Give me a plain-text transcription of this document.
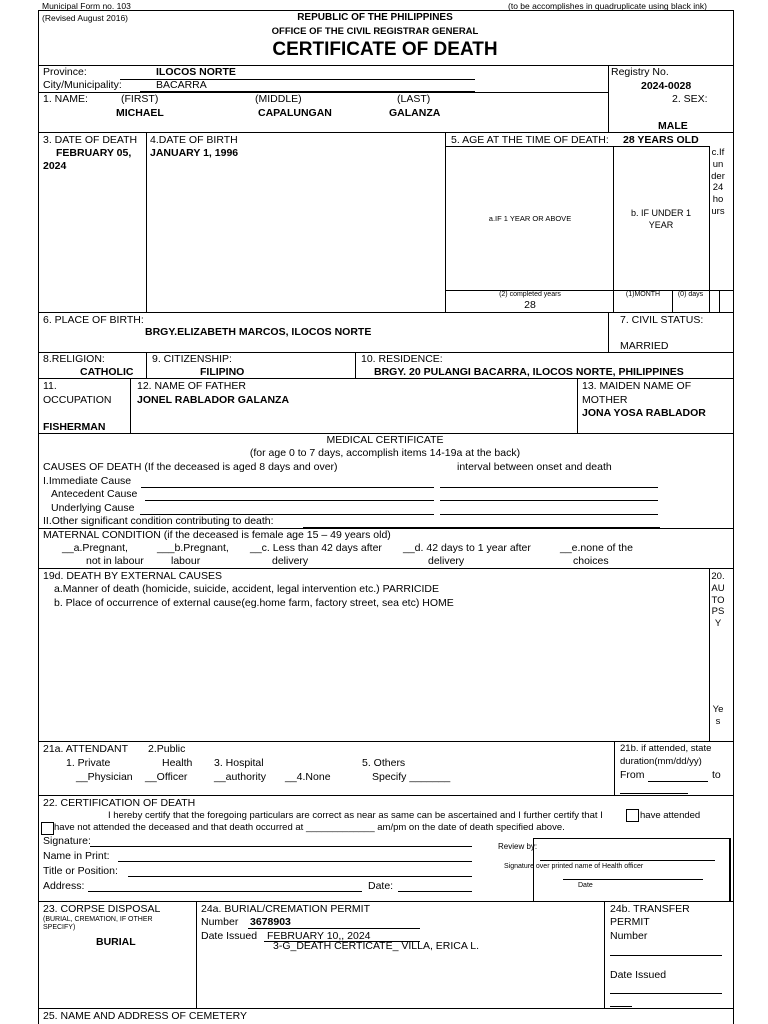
Municipal Form no. 103
(Revised August 2016)
(to be accomplishes in quadruplicate using black ink)
REPUBLIC OF THE PHILIPPINES
OFFICE OF THE CIVIL REGISTRAR GENERAL
CERTIFICATE OF DEATH
Province:	ILOCOS NORTE
City/Municipality:	BACARRA
Registry No.
2024-0028
1. NAME:	(FIRST)	(MIDDLE)	(LAST)
MICHAEL	CAPALUNGAN	GALANZA
2. SEX:
MALE
3. DATE OF DEATH
FEBRUARY 05,
2024
4.DATE OF BIRTH
JANUARY 1, 1996
5. AGE AT THE TIME OF DEATH: 28 YEARS OLD
a.IF 1 YEAR OR ABOVE
b. IF UNDER 1
YEAR
c.Ifunder24hours
(2) completed years
28
(1)MONTH	(0) days
6. PLACE OF BIRTH:
BRGY.ELIZABETH MARCOS, ILOCOS NORTE
7. CIVIL STATUS:
MARRIED
8.RELIGION:
CATHOLIC
9. CITIZENSHIP:
FILIPINO
10. RESIDENCE:
BRGY. 20 PULANGI BACARRA, ILOCOS NORTE, PHILIPPINES
11.
OCCUPATION
FISHERMAN
12. NAME OF FATHER
JONEL RABLADOR GALANZA
13. MAIDEN NAME OF
MOTHER
JONA YOSA RABLADOR
MEDICAL CERTIFICATE
(for age 0 to 7 days, accomplish items 14-19a at the back)
CAUSES OF DEATH (If the deceased is aged 8 days and over)	interval between onset and death
I.Immediate Cause
Antecedent Cause
Underlying Cause
II.Other significant condition contributing to death:
MATERNAL CONDITION (if the deceased is female age 15 – 49 years old)
__a.Pregnant,
not in labour
___b.Pregnant,
labour
__c. Less than 42 days after
delivery
__d. 42 days to 1 year after
delivery
__e.none of the
choices
19d. DEATH BY EXTERNAL CAUSES
a.Manner of death (homicide, suicide, accident, legal intervention etc.) PARRICIDE
b. Place of occurrence of external cause(eg.home farm, factory street, sea etc) HOME
20.AUTOPSY
Yes
21a. ATTENDANT
1. Private
__Physician
2.Public
Health
__Officer
3. Hospital
__authority __4.None
5. Others
Specify _______
21b. if attended, state
duration(mm/dd/yy)
From	to
22. CERTIFICATION OF DEATH
I hereby certify that the foregoing particulars are correct as near as same can be ascertained and I further certify that I	have attended
have not attended the deceased and that death occurred at _____________ am/pm on the date of death specified above.
Signature:
Name in Print:
Title or Position:
Address:	Date:
Review by:
Signature over printed name of Health officer
Date
23. CORPSE DISPOSAL
(BURIAL, CREMATION, IF OTHER
SPECIFY)
BURIAL
24a. BURIAL/CREMATION PERMIT
Number 3678903
Date Issued FEBRUARY 10,, 2024
3-G_DEATH CERTICATE_ VILLA, ERICA L.
24b. TRANSFER
PERMIT
Number
Date Issued
25. NAME AND ADDRESS OF CEMETERY
